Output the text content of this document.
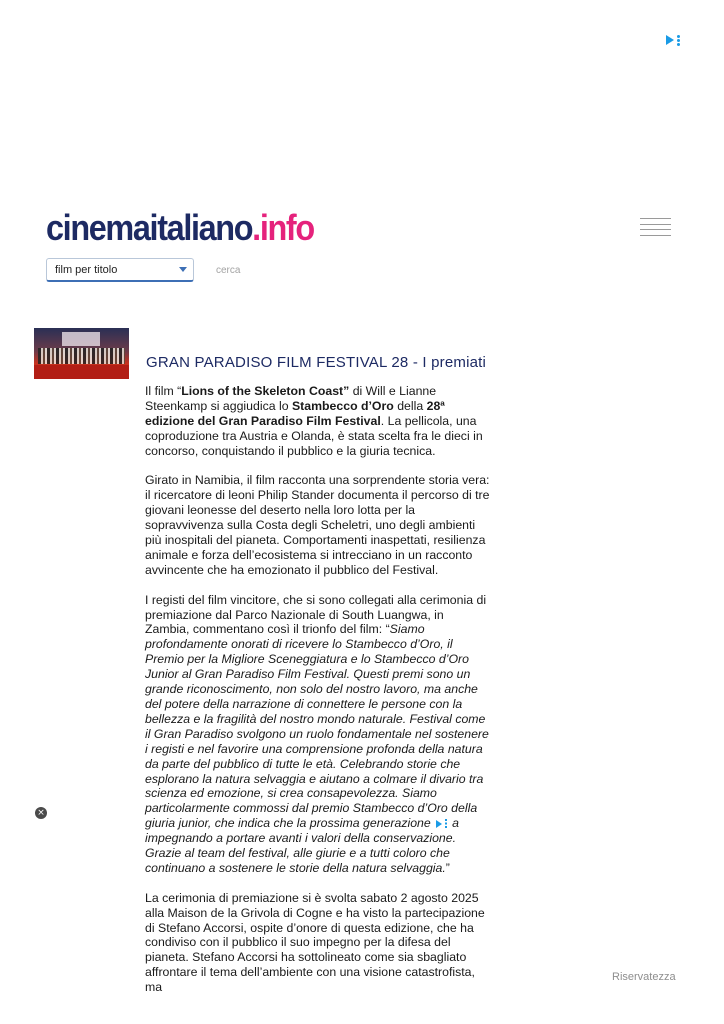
cinemaitaliano.info
film per titolo
cerca
GRAN PARADISO FILM FESTIVAL 28 - I premiati

Il film “Lions of the Skeleton Coast” di Will e Lianne Steenkamp si aggiudica lo Stambecco d’Oro della 28ª edizione del Gran Paradiso Film Festival. La pellicola, una coproduzione tra Austria e Olanda, è stata scelta fra le dieci in concorso, conquistando il pubblico e la giuria tecnica.

Girato in Namibia, il film racconta una sorprendente storia vera: il ricercatore di leoni Philip Stander documenta il percorso di tre giovani leonesse del deserto nella loro lotta per la sopravvivenza sulla Costa degli Scheletri, uno degli ambienti più inospitali del pianeta. Comportamenti inaspettati, resilienza animale e forza dell’ecosistema si intrecciano in un racconto avvincente che ha emozionato il pubblico del Festival.

I registi del film vincitore, che si sono collegati alla cerimonia di premiazione dal Parco Nazionale di South Luangwa, in Zambia, commentano così il trionfo del film: “Siamo profondamente onorati di ricevere lo Stambecco d’Oro, il Premio per la Migliore Sceneggiatura e lo Stambecco d’Oro Junior al Gran Paradiso Film Festival. Questi premi sono un grande riconoscimento, non solo del nostro lavoro, ma anche del potere della narrazione di connettere le persone con la bellezza e la fragilità del nostro mondo naturale. Festival come il Gran Paradiso svolgono un ruolo fondamentale nel sostenere i registi e nel favorire una comprensione profonda della natura da parte del pubblico di tutte le età. Celebrando storie che esplorano la natura selvaggia e aiutano a colmare il divario tra scienza ed emozione, si crea consapevolezza. Siamo particolarmente commossi dal premio Stambecco d’Oro della giuria junior, che indica che la prossima generazione a impegnando a portare avanti i valori della conservazione. Grazie al team del festival, alle giurie e a tutti coloro che continuano a sostenere le storie della natura selvaggia.”

La cerimonia di premiazione si è svolta sabato 2 agosto 2025 alla Maison de la Grivola di Cogne e ha visto la partecipazione di Stefano Accorsi, ospite d’onore di questa edizione, che ha condiviso con il pubblico il suo impegno per la difesa del pianeta. Stefano Accorsi ha sottolineato come sia sbagliato affrontare il tema dell’ambiente con una visione catastrofista, ma

×
Riservatezza
